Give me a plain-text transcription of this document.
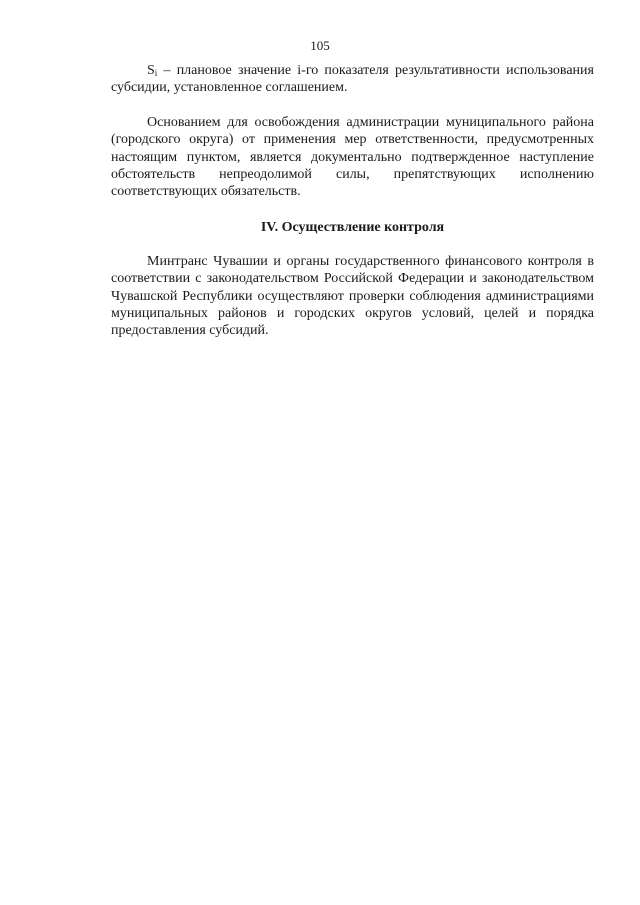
105

$S_i$ – плановое значение i-го показателя результативности использования субсидии, установленное соглашением.

Основанием для освобождения администрации муниципального района (городского округа) от применения мер ответственности, предусмотренных настоящим пунктом, является документально подтвержденное наступление обстоятельств непреодолимой силы, препятствующих исполнению соответствующих обязательств.

IV. Осуществление контроля

Минтранс Чувашии и органы государственного финансового контроля в соответствии с законодательством Российской Федерации и законодательством Чувашской Республики осуществляют проверки соблюдения администрациями муниципальных районов и городских округов условий, целей и порядка предоставления субсидий.
